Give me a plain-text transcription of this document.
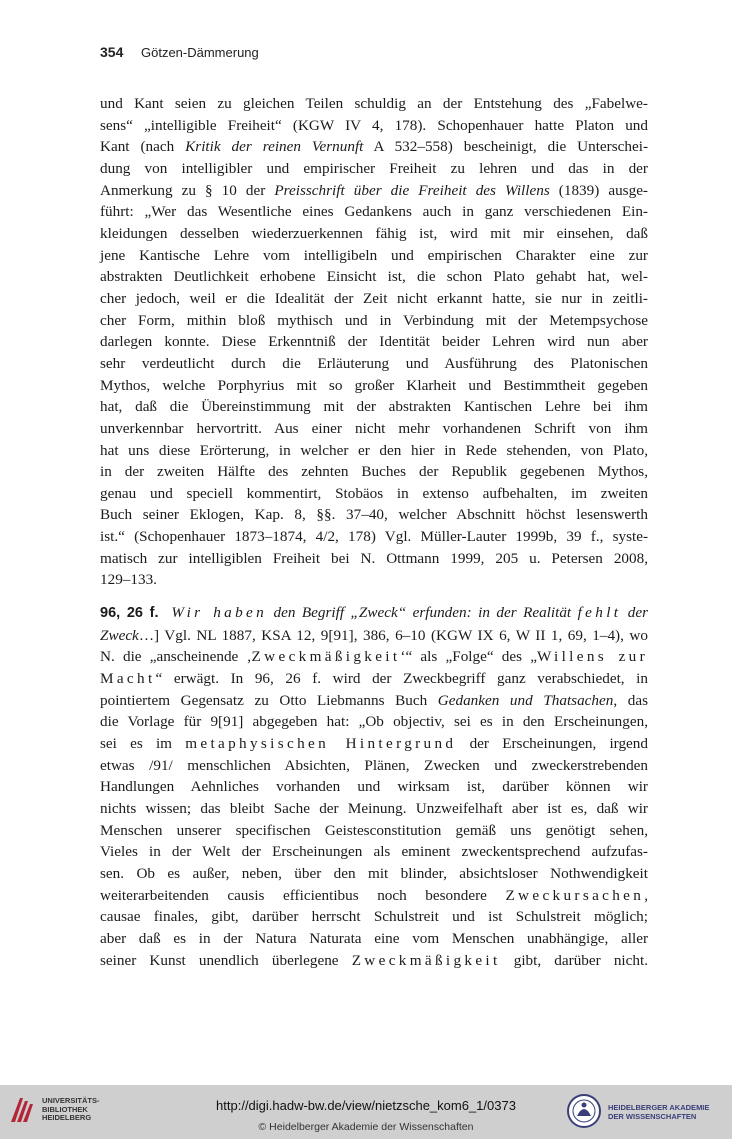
354 Götzen-Dämmerung
und Kant seien zu gleichen Teilen schuldig an der Entstehung des „Fabelwe-
sens“ „intelligible Freiheit“ (KGW IV 4, 178). Schopenhauer hatte Platon und
Kant (nach Kritik der reinen Vernunft A 532–558) bescheinigt, die Unterschei-
dung von intelligibler und empirischer Freiheit zu lehren und das in der
Anmerkung zu § 10 der Preisschrift über die Freiheit des Willens (1839) ausge-
führt: „Wer das Wesentliche eines Gedankens auch in ganz verschiedenen Ein-
kleidungen desselben wiederzuerkennen fähig ist, wird mit mir einsehen, daß
jene Kantische Lehre vom intelligibeln und empirischen Charakter eine zur
abstrakten Deutlichkeit erhobene Einsicht ist, die schon Plato gehabt hat, wel-
cher jedoch, weil er die Idealität der Zeit nicht erkannt hatte, sie nur in zeitli-
cher Form, mithin bloß mythisch und in Verbindung mit der Metempsychose
darlegen konnte. Diese Erkenntniß der Identität beider Lehren wird nun aber
sehr verdeutlicht durch die Erläuterung und Ausführung des Platonischen
Mythos, welche Porphyrius mit so großer Klarheit und Bestimmtheit gegeben
hat, daß die Übereinstimmung mit der abstrakten Kantischen Lehre bei ihm
unverkennbar hervortritt. Aus einer nicht mehr vorhandenen Schrift von ihm
hat uns diese Erörterung, in welcher er den hier in Rede stehenden, von Plato,
in der zweiten Hälfte des zehnten Buches der Republik gegebenen Mythos,
genau und speciell kommentirt, Stobäos in extenso aufbehalten, im zweiten
Buch seiner Eklogen, Kap. 8, §§. 37–40, welcher Abschnitt höchst lesenswerth
ist.“ (Schopenhauer 1873–1874, 4/2, 178) Vgl. Müller-Lauter 1999b, 39 f., syste-
matisch zur intelligiblen Freiheit bei N. Ottmann 1999, 205 u. Petersen 2008,
129–133.
96, 26 f. Wir haben den Begriff „Zweck“ erfunden: in der Realität fehlt der
Zweck…] Vgl. NL 1887, KSA 12, 9[91], 386, 6–10 (KGW IX 6, W II 1, 69, 1–4), wo
N. die „anscheinende ‚Zweckmäßigkeit‘“ als „Folge“ des „Willens zur
Macht“ erwägt. In 96, 26 f. wird der Zweckbegriff ganz verabschiedet, in
pointiertem Gegensatz zu Otto Liebmanns Buch Gedanken und Thatsachen, das
die Vorlage für 9[91] abgegeben hat: „Ob objectiv, sei es in den Erscheinungen,
sei es im metaphysischen Hintergrund der Erscheinungen, irgend
etwas /91/ menschlichen Absichten, Plänen, Zwecken und zweckerstrebenden
Handlungen Aehnliches vorhanden und wirksam ist, darüber können wir
nichts wissen; das bleibt Sache der Meinung. Unzweifelhaft aber ist es, daß wir
Menschen unserer specifischen Geistesconstitution gemäß uns genötigt sehen,
Vieles in der Welt der Erscheinungen als eminent zweckentsprechend aufzufas-
sen. Ob es außer, neben, über den mit blinder, absichtsloser Nothwendigkeit
weiterarbeitenden causis efficientibus noch besondere Zweckursachen,
causae finales, gibt, darüber herrscht Schulstreit und ist Schulstreit möglich;
aber daß es in der Natura Naturata eine vom Menschen unabhängige, aller
seiner Kunst unendlich überlegene Zweckmäßigkeit gibt, darüber nicht.
UNIVERSITÄTS-
BIBLIOTHEK
HEIDELBERG
http://digi.hadw-bw.de/view/nietzsche_kom6_1/0373
© Heidelberger Akademie der Wissenschaften
HEIDELBERGER AKADEMIE
DER WISSENSCHAFTEN
